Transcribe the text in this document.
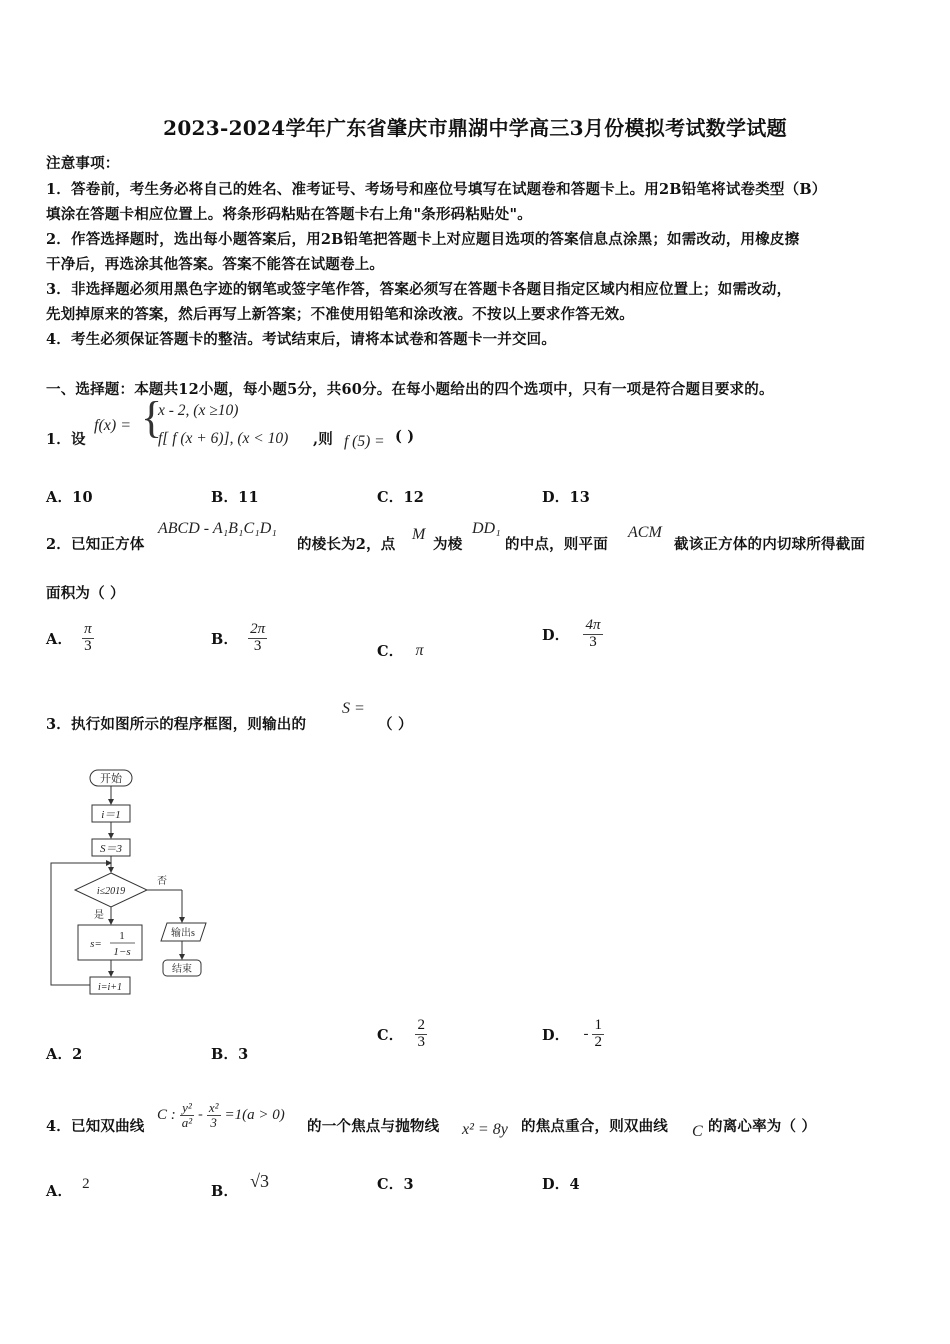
2023-2024学年广东省肇庆市鼎湖中学高三3月份模拟考试数学试题
注意事项：
1．答卷前，考生务必将自己的姓名、准考证号、考场号和座位号填写在试题卷和答题卡上。用2B铅笔将试卷类型（B）
填涂在答题卡相应位置上。将条形码粘贴在答题卡右上角"条形码粘贴处"。
2．作答选择题时，选出每小题答案后，用2B铅笔把答题卡上对应题目选项的答案信息点涂黑；如需改动，用橡皮擦
干净后，再选涂其他答案。答案不能答在试题卷上。
3．非选择题必须用黑色字迹的钢笔或签字笔作答，答案必须写在答题卡各题目指定区域内相应位置上；如需改动，
先划掉原来的答案，然后再写上新答案；不准使用铅笔和涂改液。不按以上要求作答无效。
4．考生必须保证答题卡的整洁。考试结束后，请将本试卷和答题卡一并交回。
一、选择题：本题共12小题，每小题5分，共60分。在每小题给出的四个选项中，只有一项是符合题目要求的。
1．设
f(x) = {
x - 2, (x ≥10)
f[ f (x + 6)], (x < 10) ,则 f (5) = ( )
A．10	B．11	C．12	D．13
2．已知正方体
ABCD - A₁B₁C₁D₁
的棱长为2，点
M
为棱
DD₁
的中点，则平面
ACM
截该正方体的内切球所得截面
面积为（ ）
A． $\frac{\pi}{3}$	B． $\frac{2\pi}{3}$	C． π
D． $\frac{4\pi}{3}$
3．执行如图所示的程序框图，则输出的
S =
（ ）
开始
i＝1
S＝3
i≤2019
否
是
s=
1
1−s
输出s
结束
i=i+1
A．2	B．3
C． $\frac{2}{3}$	D． - $\frac{1}{2}$
4．已知双曲线
C : $\frac{\text{y²}}{\text{a²}} - \frac{\text{x²}}{3} =1(a > 0)$
的一个焦点与抛物线 x² = 8y 的焦点重合，则双曲线 C 的离心率为（ ）
A． 2	B．
√3	C．3	D．4
